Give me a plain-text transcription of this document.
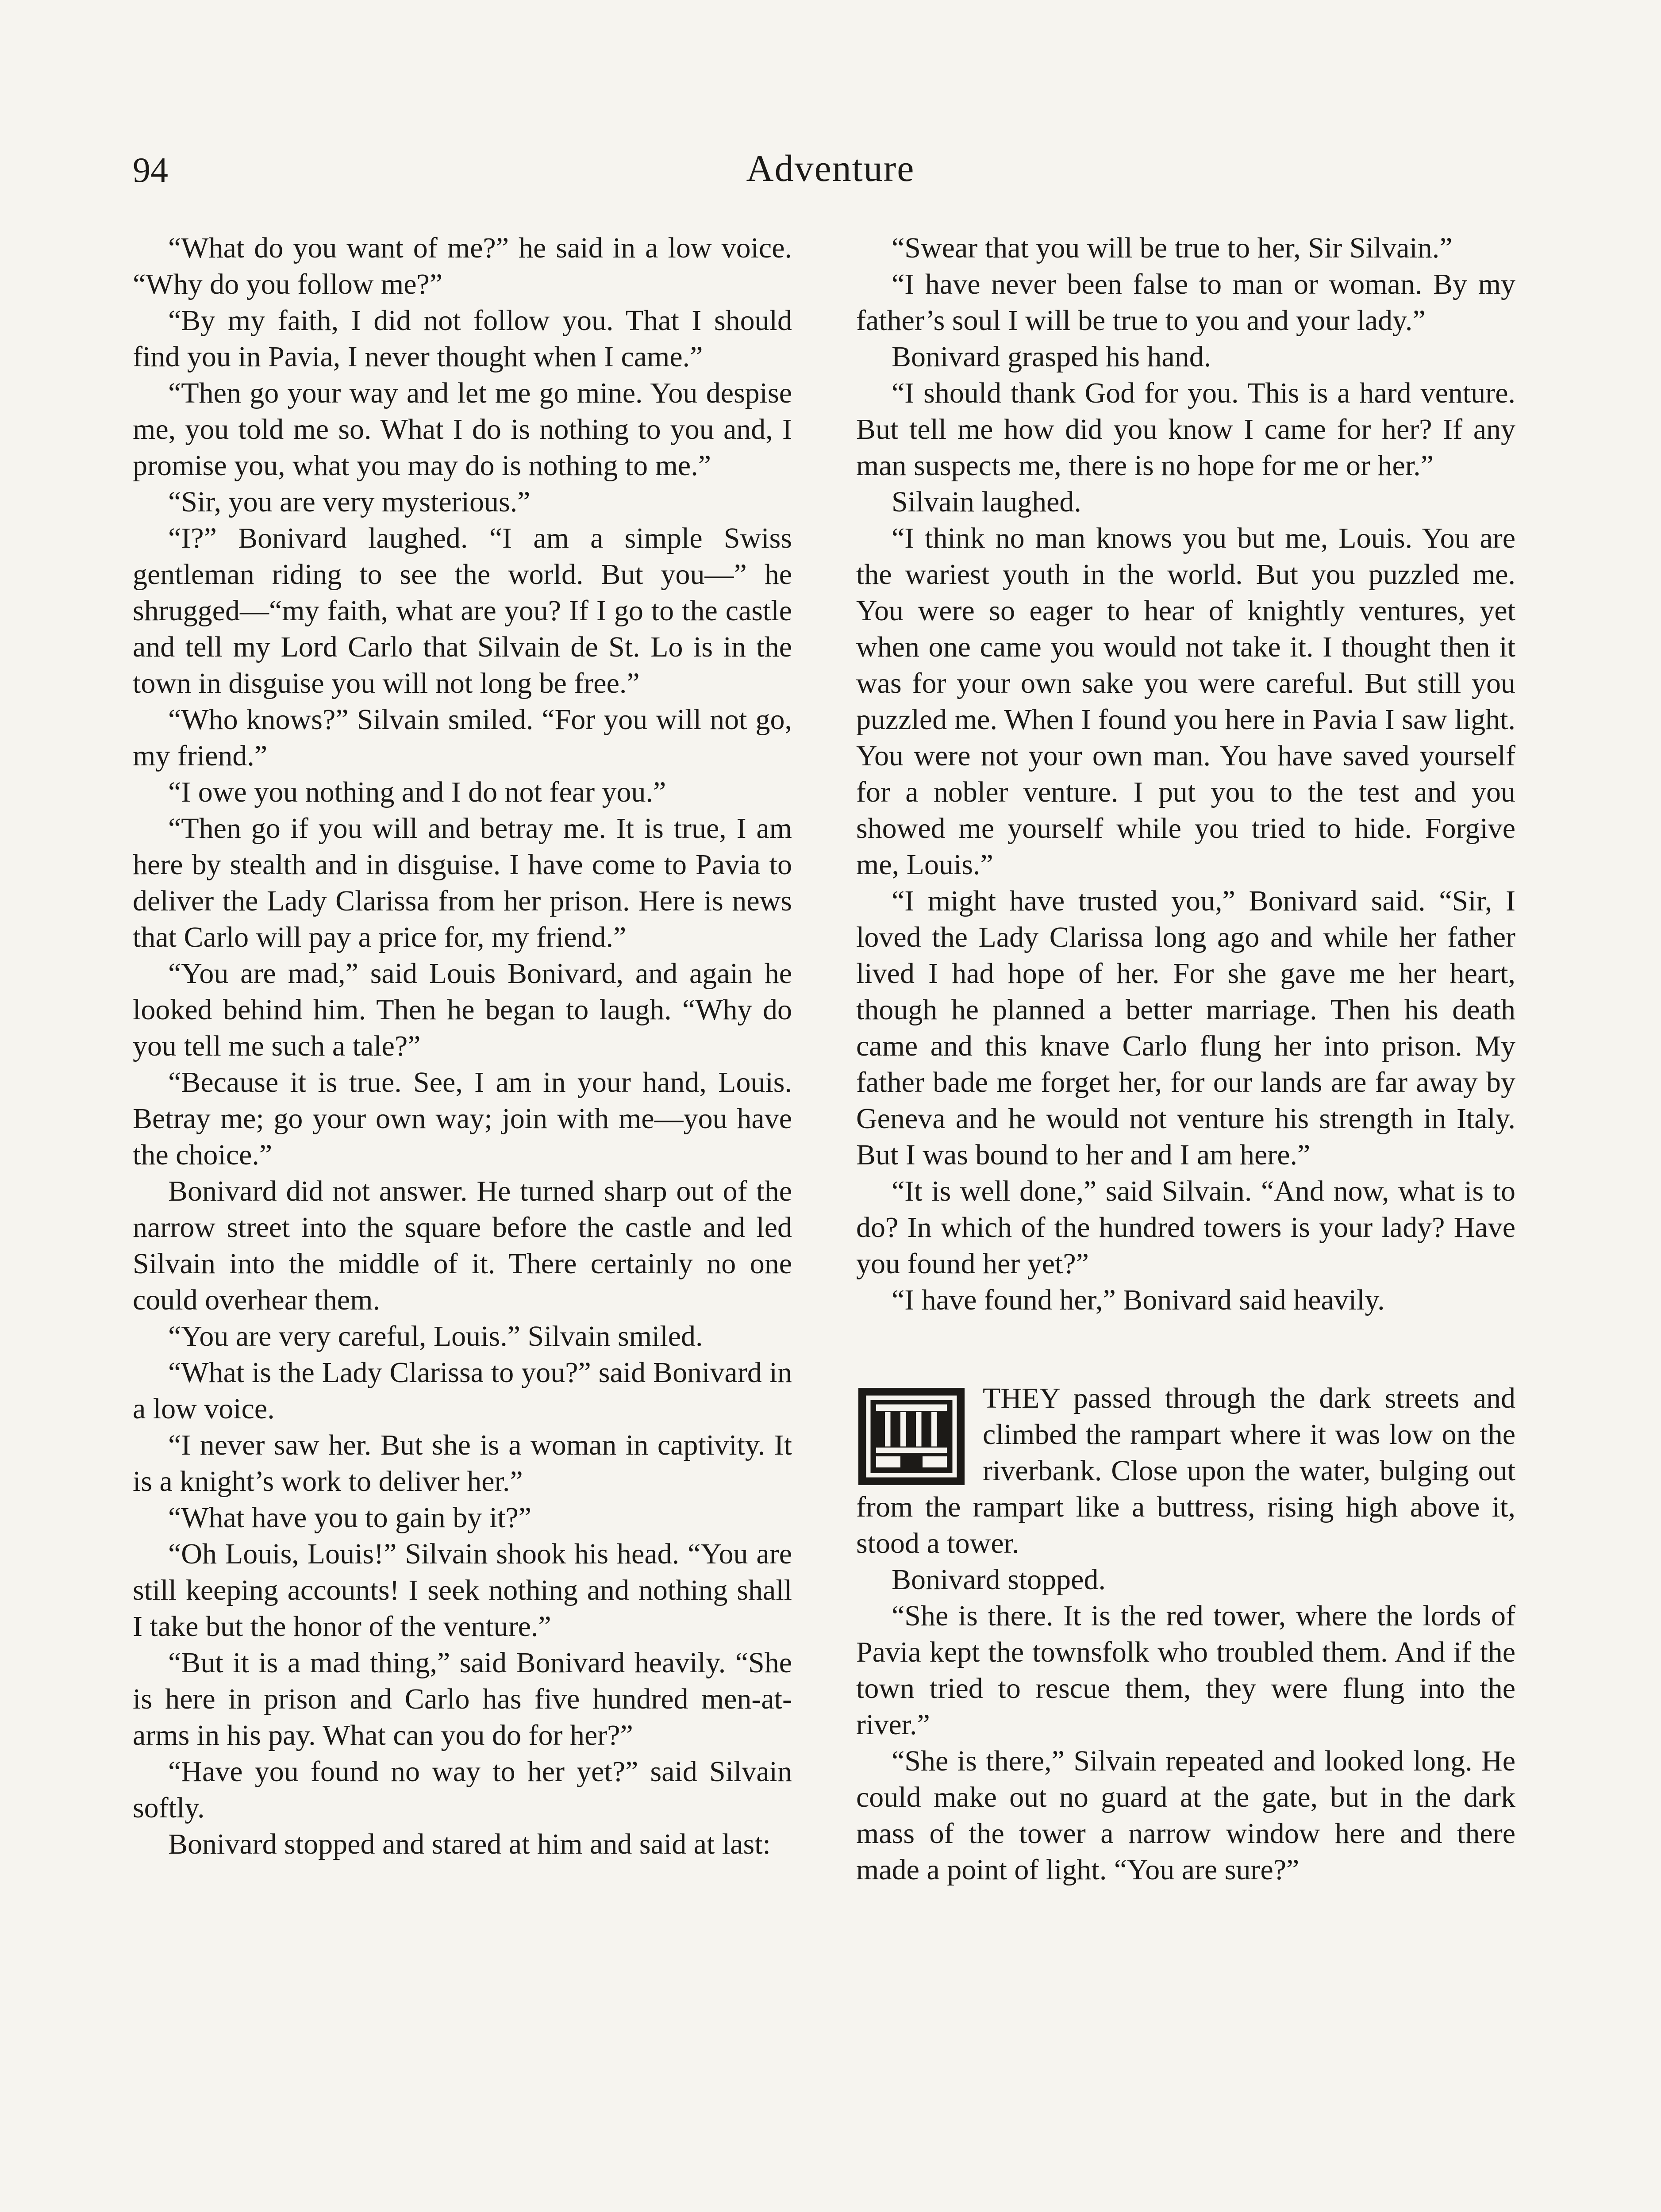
94	Adventure

“What do you want of me?” he said in a low voice. “Why do you follow me?”

“By my faith, I did not follow you. That I should find you in Pavia, I never thought when I came.”

“Then go your way and let me go mine. You despise me, you told me so. What I do is nothing to you and, I promise you, what you may do is nothing to me.”

“Sir, you are very mysterious.”

“I?” Bonivard laughed. “I am a simple Swiss gentleman riding to see the world. But you—” he shrugged—“my faith, what are you? If I go to the castle and tell my Lord Carlo that Silvain de St. Lo is in the town in disguise you will not long be free.”

“Who knows?” Silvain smiled. “For you will not go, my friend.”

“I owe you nothing and I do not fear you.”

“Then go if you will and betray me. It is true, I am here by stealth and in disguise. I have come to Pavia to deliver the Lady Clarissa from her prison. Here is news that Carlo will pay a price for, my friend.”

“You are mad,” said Louis Bonivard, and again he looked behind him. Then he began to laugh. “Why do you tell me such a tale?”

“Because it is true. See, I am in your hand, Louis. Betray me; go your own way; join with me—you have the choice.”

Bonivard did not answer. He turned sharp out of the narrow street into the square before the castle and led Silvain into the middle of it. There certainly no one could overhear them.

“You are very careful, Louis.” Silvain smiled.

“What is the Lady Clarissa to you?” said Bonivard in a low voice.

“I never saw her. But she is a woman in captivity. It is a knight’s work to deliver her.”

“What have you to gain by it?”

“Oh Louis, Louis!” Silvain shook his head. “You are still keeping accounts! I seek nothing and nothing shall I take but the honor of the venture.”

“But it is a mad thing,” said Bonivard heavily. “She is here in prison and Carlo has five hundred men-at-arms in his pay. What can you do for her?”

“Have you found no way to her yet?” said Silvain softly.

Bonivard stopped and stared at him and said at last:

“Swear that you will be true to her, Sir Silvain.”

“I have never been false to man or woman. By my father’s soul I will be true to you and your lady.”

Bonivard grasped his hand.

“I should thank God for you. This is a hard venture. But tell me how did you know I came for her? If any man suspects me, there is no hope for me or her.”

Silvain laughed.

“I think no man knows you but me, Louis. You are the wariest youth in the world. But you puzzled me. You were so eager to hear of knightly ventures, yet when one came you would not take it. I thought then it was for your own sake you were careful. But still you puzzled me. When I found you here in Pavia I saw light. You were not your own man. You have saved yourself for a nobler venture. I put you to the test and you showed me yourself while you tried to hide. Forgive me, Louis.”

“I might have trusted you,” Bonivard said. “Sir, I loved the Lady Clarissa long ago and while her father lived I had hope of her. For she gave me her heart, though he planned a better marriage. Then his death came and this knave Carlo flung her into prison. My father bade me forget her, for our lands are far away by Geneva and he would not venture his strength in Italy. But I was bound to her and I am here.”

“It is well done,” said Silvain. “And now, what is to do? In which of the hundred towers is your lady? Have you found her yet?”

“I have found her,” Bonivard said heavily.

THEY passed through the dark streets and climbed the rampart where it was low on the riverbank. Close upon the water, bulging out from the rampart like a buttress, rising high above it, stood a tower.

Bonivard stopped.

“She is there. It is the red tower, where the lords of Pavia kept the townsfolk who troubled them. And if the town tried to rescue them, they were flung into the river.”

“She is there,” Silvain repeated and looked long. He could make out no guard at the gate, but in the dark mass of the tower a narrow window here and there made a point of light. “You are sure?”
